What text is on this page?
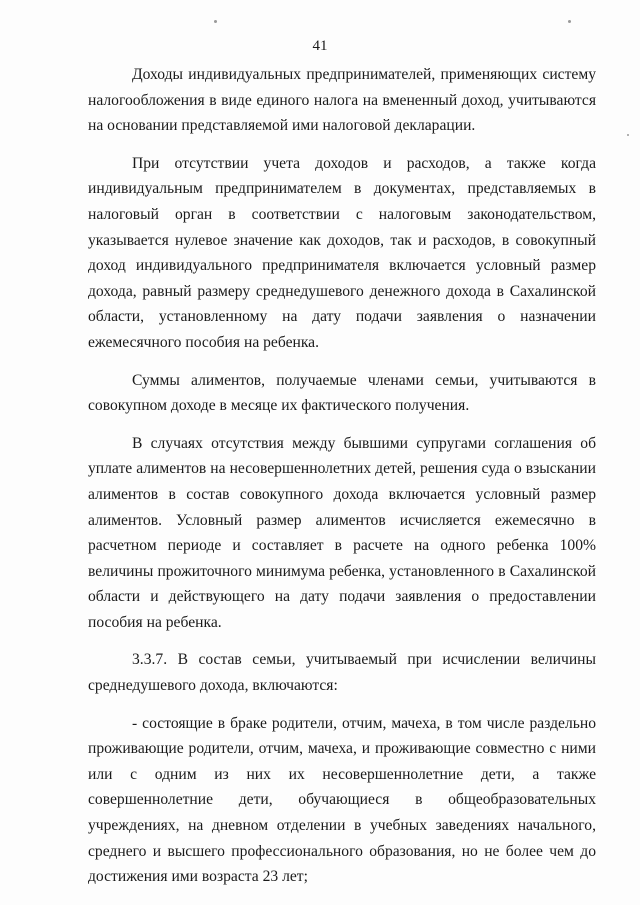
41

Доходы индивидуальных предпринимателей, применяющих систему налогообложения в виде единого налога на вмененный доход, учитываются на основании представляемой ими налоговой декларации.

При отсутствии учета доходов и расходов, а также когда индивидуальным предпринимателем в документах, представляемых в налоговый орган в соответствии с налоговым законодательством, указывается нулевое значение как доходов, так и расходов, в совокупный доход индивидуального предпринимателя включается условный размер дохода, равный размеру среднедушевого денежного дохода в Сахалинской области, установленному на дату подачи заявления о назначении ежемесячного пособия на ребенка.

Суммы алиментов, получаемые членами семьи, учитываются в совокупном доходе в месяце их фактического получения.

В случаях отсутствия между бывшими супругами соглашения об уплате алиментов на несовершеннолетних детей, решения суда о взыскании алиментов в состав совокупного дохода включается условный размер алиментов. Условный размер алиментов исчисляется ежемесячно в расчетном периоде и составляет в расчете на одного ребенка 100% величины прожиточного минимума ребенка, установленного в Сахалинской области и действующего на дату подачи заявления о предоставлении пособия на ребенка.

3.3.7. В состав семьи, учитываемый при исчислении величины среднедушевого дохода, включаются:

- состоящие в браке родители, отчим, мачеха, в том числе раздельно проживающие родители, отчим, мачеха, и проживающие совместно с ними или с одним из них их несовершеннолетние дети, а также совершеннолетние дети, обучающиеся в общеобразовательных учреждениях, на дневном отделении в учебных заведениях начального, среднего и высшего профессионального образования, но не более чем до достижения ими возраста 23 лет;
